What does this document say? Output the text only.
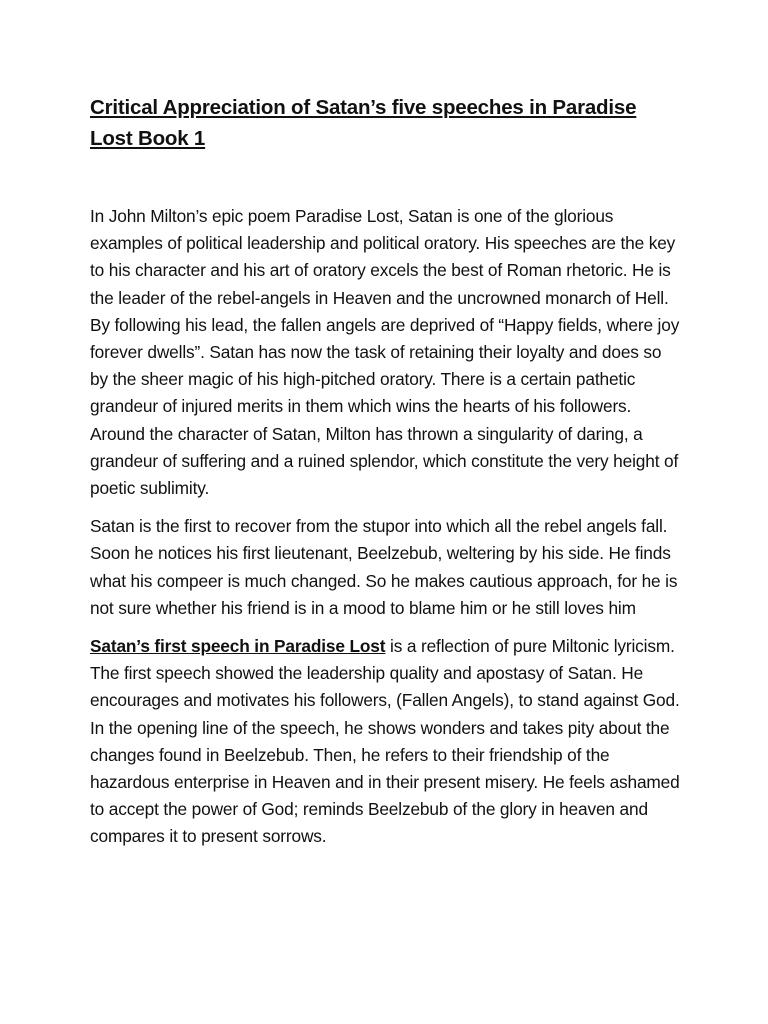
Critical Appreciation of Satan’s five speeches in Paradise Lost Book 1

In John Milton’s epic poem Paradise Lost, Satan is one of the glorious examples of political leadership and political oratory. His speeches are the key to his character and his art of oratory excels the best of Roman rhetoric. He is the leader of the rebel-angels in Heaven and the uncrowned monarch of Hell. By following his lead, the fallen angels are deprived of “Happy fields, where joy forever dwells”. Satan has now the task of retaining their loyalty and does so by the sheer magic of his high-pitched oratory. There is a certain pathetic grandeur of injured merits in them which wins the hearts of his followers. Around the character of Satan, Milton has thrown a singularity of daring, a grandeur of suffering and a ruined splendor, which constitute the very height of poetic sublimity.

Satan is the first to recover from the stupor into which all the rebel angels fall. Soon he notices his first lieutenant, Beelzebub, weltering by his side. He finds what his compeer is much changed. So he makes cautious approach, for he is not sure whether his friend is in a mood to blame him or he still loves him

Satan’s first speech in Paradise Lost is a reflection of pure Miltonic lyricism. The first speech showed the leadership quality and apostasy of Satan. He encourages and motivates his followers, (Fallen Angels), to stand against God. In the opening line of the speech, he shows wonders and takes pity about the changes found in Beelzebub. Then, he refers to their friendship of the hazardous enterprise in Heaven and in their present misery. He feels ashamed to accept the power of God; reminds Beelzebub of the glory in heaven and compares it to present sorrows.
